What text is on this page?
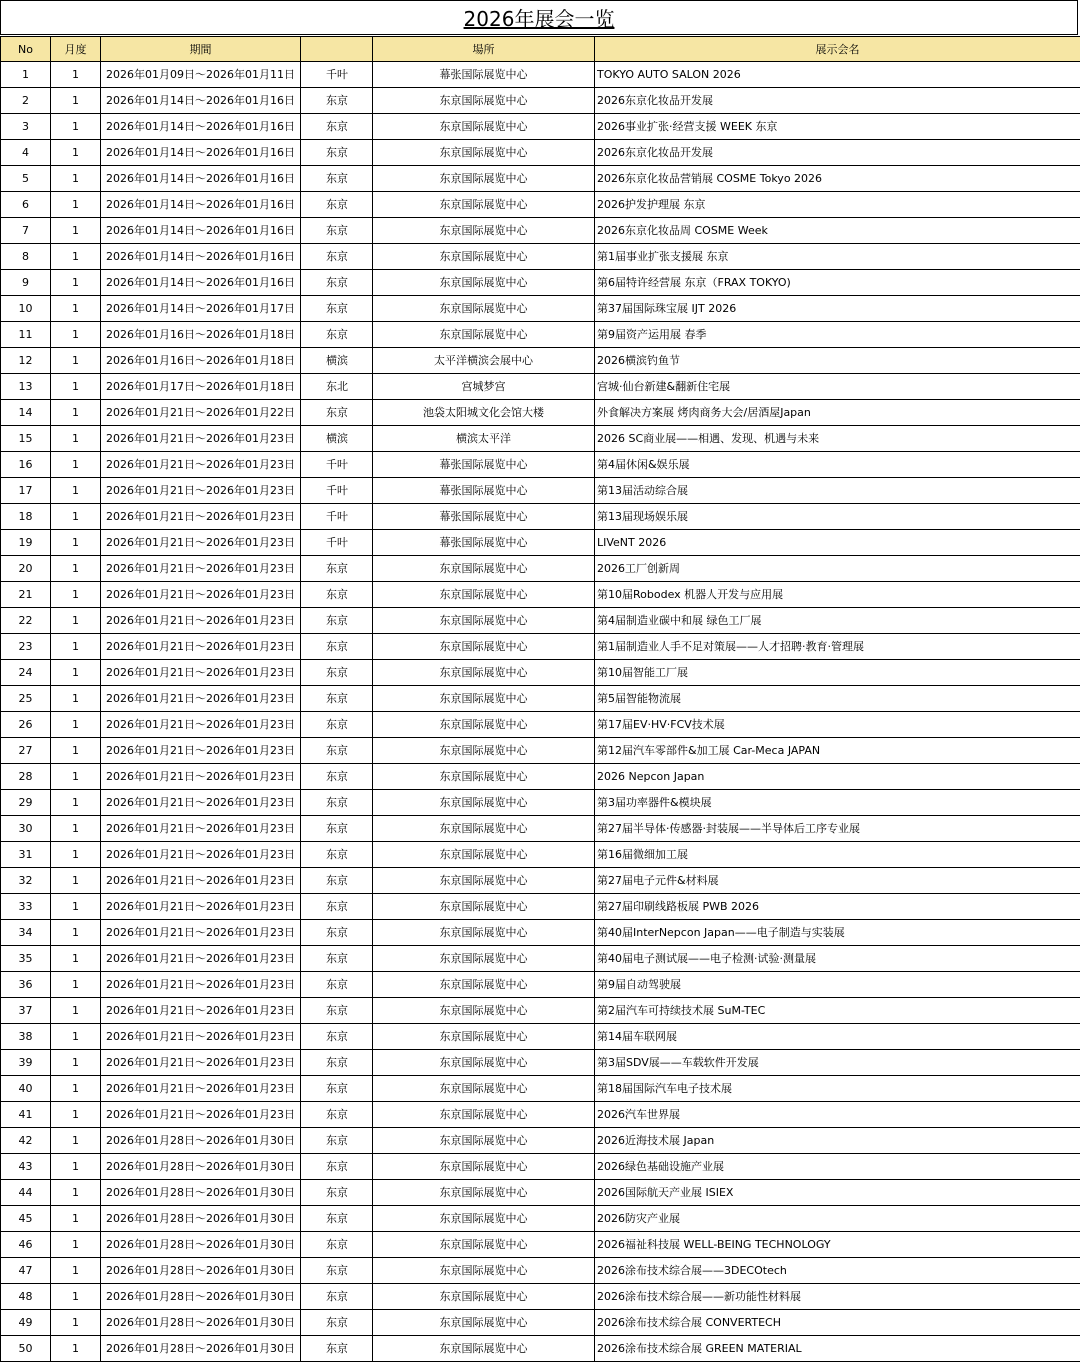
2026年展会一览
No	月度	期間		場所	展示会名
1	1	2026年01月09日～2026年01月11日	千叶	幕张国际展览中心	TOKYO AUTO SALON 2026
2	1	2026年01月14日～2026年01月16日	东京	东京国际展览中心	2026东京化妆品开发展
3	1	2026年01月14日～2026年01月16日	东京	东京国际展览中心	2026事业扩张·经营支援 WEEK 东京
4	1	2026年01月14日～2026年01月16日	东京	东京国际展览中心	2026东京化妆品开发展
5	1	2026年01月14日～2026年01月16日	东京	东京国际展览中心	2026东京化妆品营销展 COSME Tokyo 2026
6	1	2026年01月14日～2026年01月16日	东京	东京国际展览中心	2026护发护理展 东京
7	1	2026年01月14日～2026年01月16日	东京	东京国际展览中心	2026东京化妆品周 COSME Week
8	1	2026年01月14日～2026年01月16日	东京	东京国际展览中心	第1届事业扩张支援展 东京
9	1	2026年01月14日～2026年01月16日	东京	东京国际展览中心	第6届特许经营展 东京（FRAX TOKYO)
10	1	2026年01月14日～2026年01月17日	东京	东京国际展览中心	第37届国际珠宝展 IJT 2026
11	1	2026年01月16日～2026年01月18日	东京	东京国际展览中心	第9届资产运用展 春季
12	1	2026年01月16日～2026年01月18日	横滨	太平洋横滨会展中心	2026横滨钓鱼节
13	1	2026年01月17日～2026年01月18日	东北	宫城梦宫	宫城·仙台新建&翻新住宅展
14	1	2026年01月21日～2026年01月22日	东京	池袋太阳城文化会馆大楼	外食解决方案展 烤肉商务大会/居酒屋Japan
15	1	2026年01月21日～2026年01月23日	横滨	横滨太平洋	2026 SC商业展——相遇、发现、机遇与未来
16	1	2026年01月21日～2026年01月23日	千叶	幕张国际展览中心	第4届休闲&娱乐展
17	1	2026年01月21日～2026年01月23日	千叶	幕张国际展览中心	第13届活动综合展
18	1	2026年01月21日～2026年01月23日	千叶	幕张国际展览中心	第13届现场娱乐展
19	1	2026年01月21日～2026年01月23日	千叶	幕张国际展览中心	LIVeNT 2026
20	1	2026年01月21日～2026年01月23日	东京	东京国际展览中心	2026工厂创新周
21	1	2026年01月21日～2026年01月23日	东京	东京国际展览中心	第10届Robodex 机器人开发与应用展
22	1	2026年01月21日～2026年01月23日	东京	东京国际展览中心	第4届制造业碳中和展 绿色工厂展
23	1	2026年01月21日～2026年01月23日	东京	东京国际展览中心	第1届制造业人手不足对策展——人才招聘·教育·管理展
24	1	2026年01月21日～2026年01月23日	东京	东京国际展览中心	第10届智能工厂展
25	1	2026年01月21日～2026年01月23日	东京	东京国际展览中心	第5届智能物流展
26	1	2026年01月21日～2026年01月23日	东京	东京国际展览中心	第17届EV·HV·FCV技术展
27	1	2026年01月21日～2026年01月23日	东京	东京国际展览中心	第12届汽车零部件&加工展 Car-Meca JAPAN
28	1	2026年01月21日～2026年01月23日	东京	东京国际展览中心	2026 Nepcon Japan
29	1	2026年01月21日～2026年01月23日	东京	东京国际展览中心	第3届功率器件&模块展
30	1	2026年01月21日～2026年01月23日	东京	东京国际展览中心	第27届半导体·传感器·封装展——半导体后工序专业展
31	1	2026年01月21日～2026年01月23日	东京	东京国际展览中心	第16届微细加工展
32	1	2026年01月21日～2026年01月23日	东京	东京国际展览中心	第27届电子元件&材料展
33	1	2026年01月21日～2026年01月23日	东京	东京国际展览中心	第27届印刷线路板展 PWB 2026
34	1	2026年01月21日～2026年01月23日	东京	东京国际展览中心	第40届InterNepcon Japan——电子制造与实装展
35	1	2026年01月21日～2026年01月23日	东京	东京国际展览中心	第40届电子测试展——电子检测·试验·测量展
36	1	2026年01月21日～2026年01月23日	东京	东京国际展览中心	第9届自动驾驶展
37	1	2026年01月21日～2026年01月23日	东京	东京国际展览中心	第2届汽车可持续技术展 SuM-TEC
38	1	2026年01月21日～2026年01月23日	东京	东京国际展览中心	第14届车联网展
39	1	2026年01月21日～2026年01月23日	东京	东京国际展览中心	第3届SDV展——车载软件开发展
40	1	2026年01月21日～2026年01月23日	东京	东京国际展览中心	第18届国际汽车电子技术展
41	1	2026年01月21日～2026年01月23日	东京	东京国际展览中心	2026汽车世界展
42	1	2026年01月28日～2026年01月30日	东京	东京国际展览中心	2026近海技术展 Japan
43	1	2026年01月28日～2026年01月30日	东京	东京国际展览中心	2026绿色基础设施产业展
44	1	2026年01月28日～2026年01月30日	东京	东京国际展览中心	2026国际航天产业展 ISIEX
45	1	2026年01月28日～2026年01月30日	东京	东京国际展览中心	2026防灾产业展
46	1	2026年01月28日～2026年01月30日	东京	东京国际展览中心	2026福祉科技展 WELL-BEING TECHNOLOGY
47	1	2026年01月28日～2026年01月30日	东京	东京国际展览中心	2026涂布技术综合展——3DECOtech
48	1	2026年01月28日～2026年01月30日	东京	东京国际展览中心	2026涂布技术综合展——新功能性材料展
49	1	2026年01月28日～2026年01月30日	东京	东京国际展览中心	2026涂布技术综合展 CONVERTECH
50	1	2026年01月28日～2026年01月30日	东京	东京国际展览中心	2026涂布技术综合展 GREEN MATERIAL
